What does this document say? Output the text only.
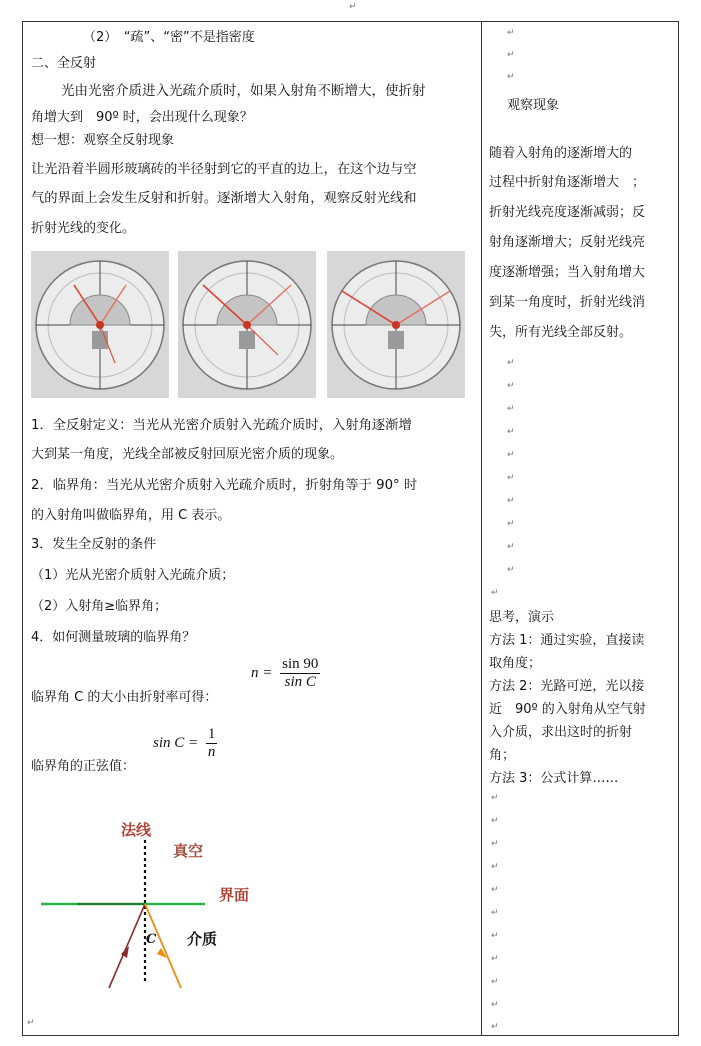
↵
（2）　“疏”、“密”不是指密度
二、全反射
光由光密介质进入光疏介质时，如果入射角不断增大，使折射
角增大到　90º 时，会出现什么现象？
想一想：观察全反射现象
让光沿着半圆形玻璃砖的半径射到它的平直的边上，在这个边与空
气的界面上会发生反射和折射。逐渐增大入射角，观察反射光线和
折射光线的变化。
1．全反射定义：当光从光密介质射入光疏介质时，入射角逐渐增
大到某一角度，光线全部被反射回原光密介质的现象。
2．临界角：当光从光密介质射入光疏介质时，折射角等于 90° 时
的入射角叫做临界角，用 C 表示。
3．发生全反射的条件
（1）光从光密介质射入光疏介质；
（2）入射角≥临界角；
4．如何测量玻璃的临界角？
临界角 C 的大小由折射率可得：
$n = \frac{\sin 90}{\text{sin C}}$
临界角的正弦值：
$\sin C = \frac{1}{n}$
法线
真空
界面
介质
C
↵
↵
↵
观察现象
随着入射角的逐渐增大的
过程中折射角逐渐增大　；
折射光线亮度逐渐减弱；反
射角逐渐增大；反射光线亮
度逐渐增强；当入射角增大
到某一角度时，折射光线消
失，所有光线全部反射。
↵
↵
↵
↵
↵
↵
↵
↵
↵
↵
↵
思考，演示
方法 1：通过实验，直接读
取角度；
方法 2：光路可逆，光以接
近　90º 的入射角从空气射
入介质，求出这时的折射
角；
方法 3：公式计算……
↵
↵
↵
↵
↵
↵
↵
↵
↵
↵
↵
↵
